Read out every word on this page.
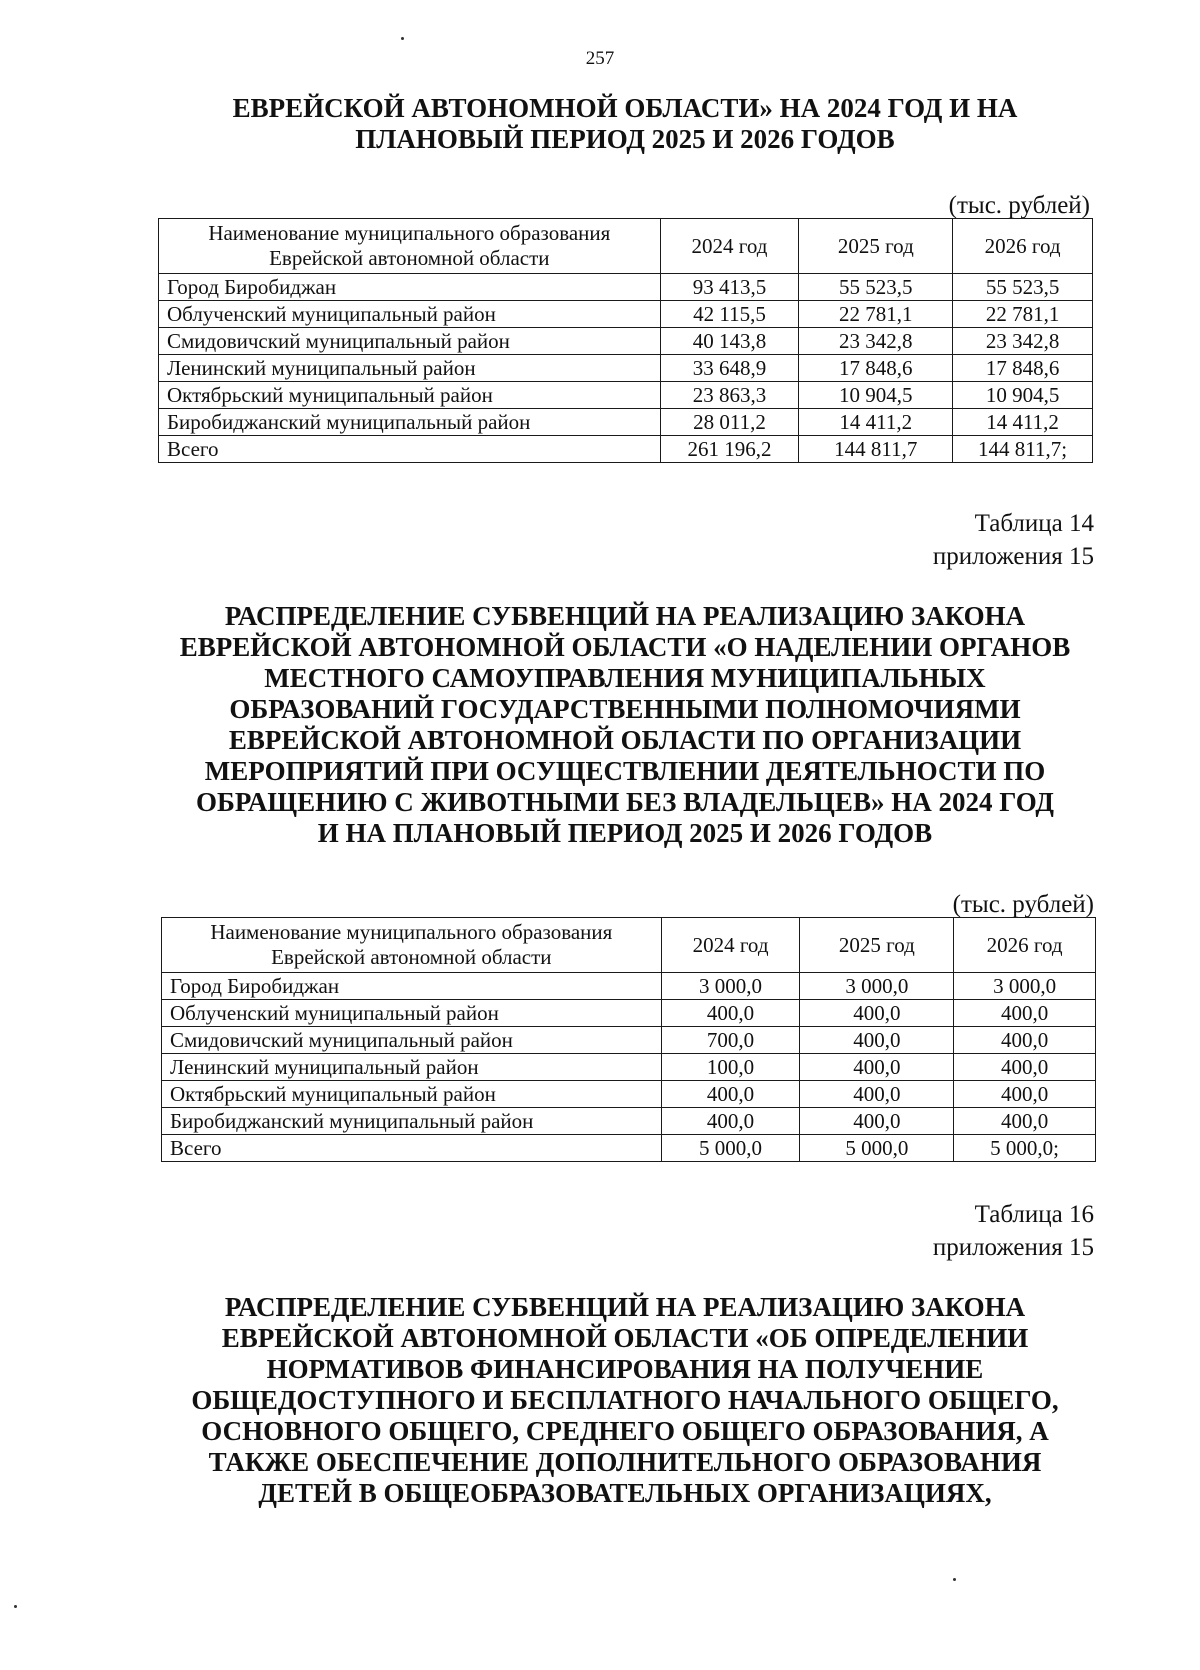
257
ЕВРЕЙСКОЙ АВТОНОМНОЙ ОБЛАСТИ» НА 2024 ГОД И НА
ПЛАНОВЫЙ ПЕРИОД 2025 И 2026 ГОДОВ
(тыс. рублей)
Наименование муниципального образования
Еврейской автономной области	2024 год	2025 год	2026 год
Город Биробиджан	93 413,5	55 523,5	55 523,5
Облученский муниципальный район	42 115,5	22 781,1	22 781,1
Смидовичский муниципальный район	40 143,8	23 342,8	23 342,8
Ленинский муниципальный район	33 648,9	17 848,6	17 848,6
Октябрьский муниципальный район	23 863,3	10 904,5	10 904,5
Биробиджанский муниципальный район	28 011,2	14 411,2	14 411,2
Всего	261 196,2	144 811,7	144 811,7;
Таблица 14
приложения 15
РАСПРЕДЕЛЕНИЕ СУБВЕНЦИЙ НА РЕАЛИЗАЦИЮ ЗАКОНА
ЕВРЕЙСКОЙ АВТОНОМНОЙ ОБЛАСТИ «О НАДЕЛЕНИИ ОРГАНОВ
МЕСТНОГО САМОУПРАВЛЕНИЯ МУНИЦИПАЛЬНЫХ
ОБРАЗОВАНИЙ ГОСУДАРСТВЕННЫМИ ПОЛНОМОЧИЯМИ
ЕВРЕЙСКОЙ АВТОНОМНОЙ ОБЛАСТИ ПО ОРГАНИЗАЦИИ
МЕРОПРИЯТИЙ ПРИ ОСУЩЕСТВЛЕНИИ ДЕЯТЕЛЬНОСТИ ПО
ОБРАЩЕНИЮ С ЖИВОТНЫМИ БЕЗ ВЛАДЕЛЬЦЕВ» НА 2024 ГОД
И НА ПЛАНОВЫЙ ПЕРИОД 2025 И 2026 ГОДОВ
(тыс. рублей)
Наименование муниципального образования
Еврейской автономной области	2024 год	2025 год	2026 год
Город Биробиджан	3 000,0	3 000,0	3 000,0
Облученский муниципальный район	400,0	400,0	400,0
Смидовичский муниципальный район	700,0	400,0	400,0
Ленинский муниципальный район	100,0	400,0	400,0
Октябрьский муниципальный район	400,0	400,0	400,0
Биробиджанский муниципальный район	400,0	400,0	400,0
Всего	5 000,0	5 000,0	5 000,0;
Таблица 16
приложения 15
РАСПРЕДЕЛЕНИЕ СУБВЕНЦИЙ НА РЕАЛИЗАЦИЮ ЗАКОНА
ЕВРЕЙСКОЙ АВТОНОМНОЙ ОБЛАСТИ «ОБ ОПРЕДЕЛЕНИИ
НОРМАТИВОВ ФИНАНСИРОВАНИЯ НА ПОЛУЧЕНИЕ
ОБЩЕДОСТУПНОГО И БЕСПЛАТНОГО НАЧАЛЬНОГО ОБЩЕГО,
ОСНОВНОГО ОБЩЕГО, СРЕДНЕГО ОБЩЕГО ОБРАЗОВАНИЯ, А
ТАКЖЕ ОБЕСПЕЧЕНИЕ ДОПОЛНИТЕЛЬНОГО ОБРАЗОВАНИЯ
ДЕТЕЙ В ОБЩЕОБРАЗОВАТЕЛЬНЫХ ОРГАНИЗАЦИЯХ,
